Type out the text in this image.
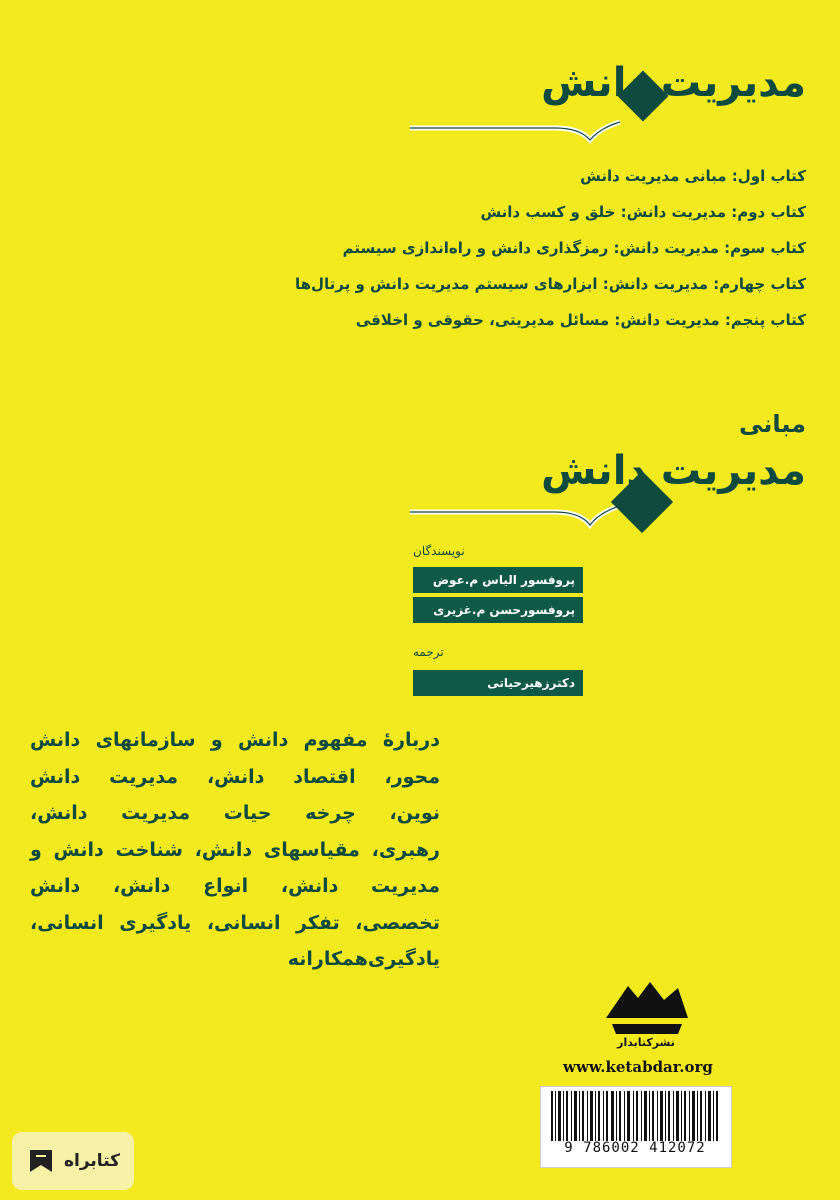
مدیریت دانش
کتاب اول: مبانی مدیریت دانش
کتاب دوم: مدیریت دانش: خلق و کسب دانش
کتاب سوم: مدیریت دانش: رمزگذاری دانش و راه‌اندازی سیستم
کتاب چهارم: مدیریت دانش: ابزارهای سیستم مدیریت دانش و پرتال‌ها
کتاب پنجم: مدیریت دانش: مسائل مدیریتی، حقوقی و اخلاقی
مبانی
مدیریت دانش
نویسندگان
پروفسور الیاس م.عوض
پروفسورحسن م.غزیری
ترجمه
دکترزهیرحیاتی
دربارهٔ مفهوم دانش و سازمانهای دانش
محور، اقتصاد دانش، مدیریت دانش
نوین، چرخه حیات مدیریت دانش،
رهبری، مقیاسهای دانش، شناخت دانش و
مدیریت دانش، انواع دانش، دانش
تخصصی، تفکر انسانی، یادگیری انسانی،
یادگیری‌همکارانه
نشرکتابدار
www.ketabdar.org
9 786002 412072
کتابراه
